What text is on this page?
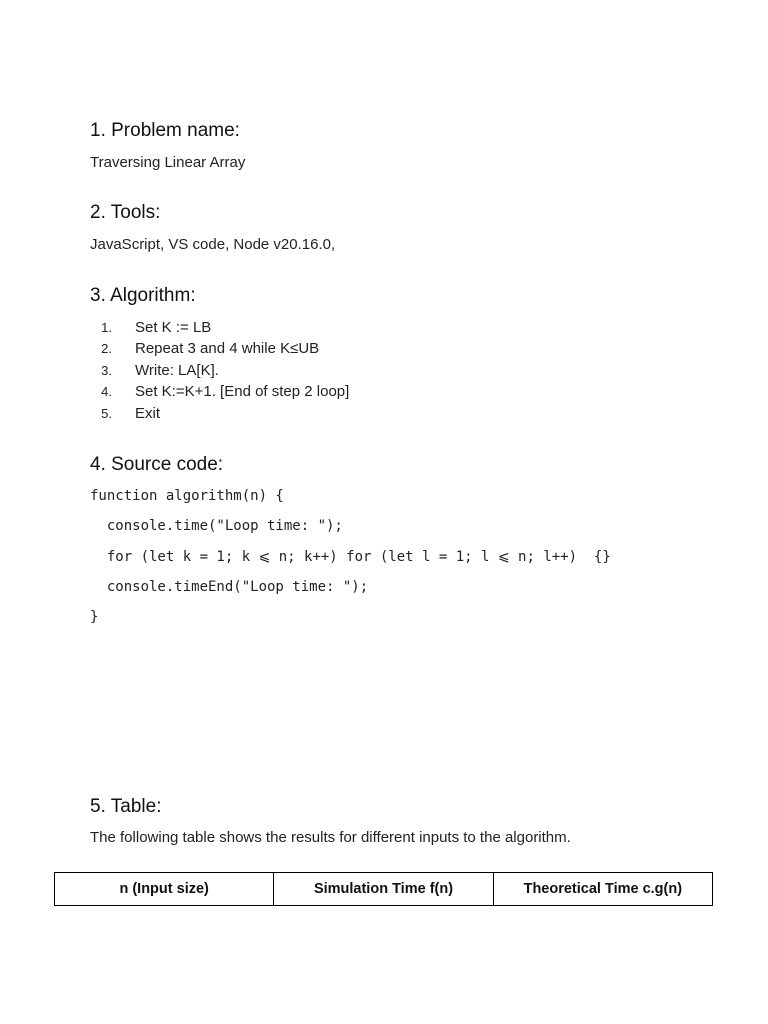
1. Problem name:
Traversing Linear Array
2. Tools:
JavaScript, VS code, Node v20.16.0,
3. Algorithm:
1.	Set K := LB
2.	Repeat 3 and 4 while K≤UB
3.	Write: LA[K].
4.	Set K:=K+1. [End of step 2 loop]
5.	Exit
4. Source code:
function algorithm(n) {
console.time("Loop time: ");
for (let k = 1; k ⩽ n; k++) for (let l = 1; l ⩽ n; l++)  {}
console.timeEnd("Loop time: ");
}
5. Table:
The following table shows the results for different inputs to the algorithm.
n (Input size)	Simulation Time f(n)	Theoretical Time c.g(n)
